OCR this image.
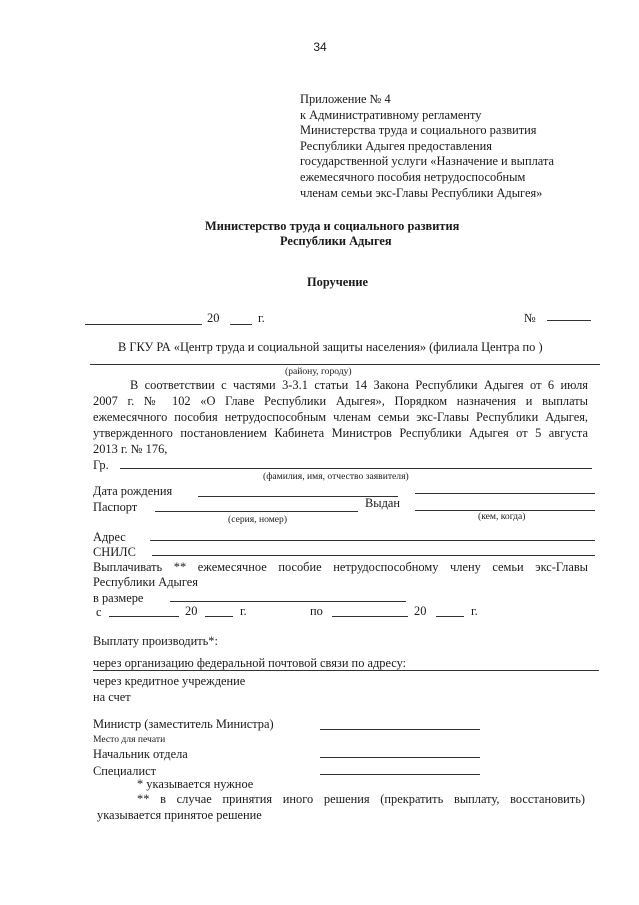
34
Приложение № 4
к Административному регламенту
Министерства труда и социального развития
Республики Адыгея предоставления
государственной услуги «Назначение и выплата
ежемесячного пособия нетрудоспособным
членам семьи экс-Главы Республики Адыгея»
Министерство труда и социального развития
Республики Адыгея
Поручение
20	г.	№
В ГКУ РА «Центр труда и социальной защиты населения» (филиала Центра по )
(району, городу)
В соответствии с частями 3-3.1 статьи 14 Закона Республики Адыгея от 6 июля
2007 г. № 102 «О Главе Республики Адыгея», Порядком назначения и выплаты
ежемесячного пособия нетрудоспособным членам семьи экс-Главы Республики Адыгея,
утвержденного постановлением Кабинета Министров Республики Адыгея от 5 августа
2013 г. № 176,
Гр.
(фамилия, имя, отчество заявителя)
Дата рождения
Паспорт	Выдан
(серия, номер)	(кем, когда)
Адрес
СНИЛС
Выплачивать ** ежемесячное пособие нетрудоспособному члену семьи экс-Главы
Республики Адыгея
в размере
с	20	г.	по	20	г.
Выплату производить*:
через организацию федеральной почтовой связи по адресу:
через кредитное учреждение
на счет
Министр (заместитель Министра)
Место для печати
Начальник отдела
Специалист
* указывается нужное
** в случае принятия иного решения (прекратить выплату, восстановить)
указывается принятое решение
